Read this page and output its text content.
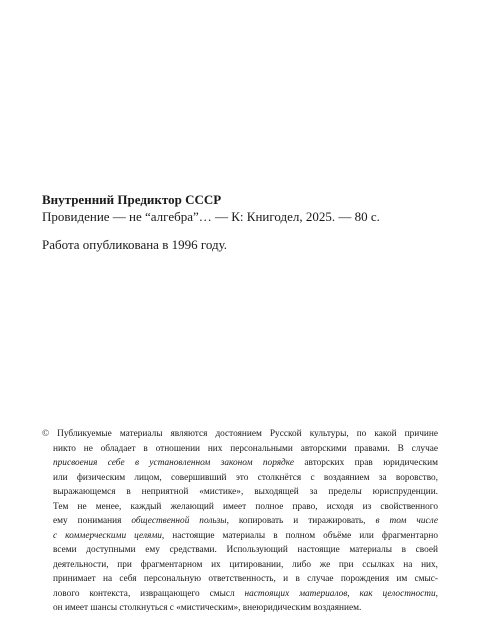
Внутренний Предиктор СССР
Провидение — не “алгебра”… — К: Книгодел, 2025. — 80 с.
Работа опубликована в 1996 году.
© Публикуемые материалы являются достоянием Русской культуры, по какой причине
никто не обладает в отношении них персональными авторскими правами. В случае
присвоения себе в установленном законом порядке авторских прав юридическим
или физическим лицом, совершивший это столкнётся с воздаянием за воровство,
выражающемся в неприятной «мистике», выходящей за пределы юриспруденции.
Тем не менее, каждый желающий имеет полное право, исходя из свойственного
ему понимания общественной пользы, копировать и тиражировать, в том числе
с коммерческими целями, настоящие материалы в полном объёме или фрагментарно
всеми доступными ему средствами. Использующий настоящие материалы в своей
деятельности, при фрагментарном их цитировании, либо же при ссылках на них,
принимает на себя персональную ответственность, и в случае порождения им смыс-
лового контекста, извращающего смысл настоящих материалов, как целостности,
он имеет шансы столкнуться с «мистическим», внеюридическим воздаянием.
